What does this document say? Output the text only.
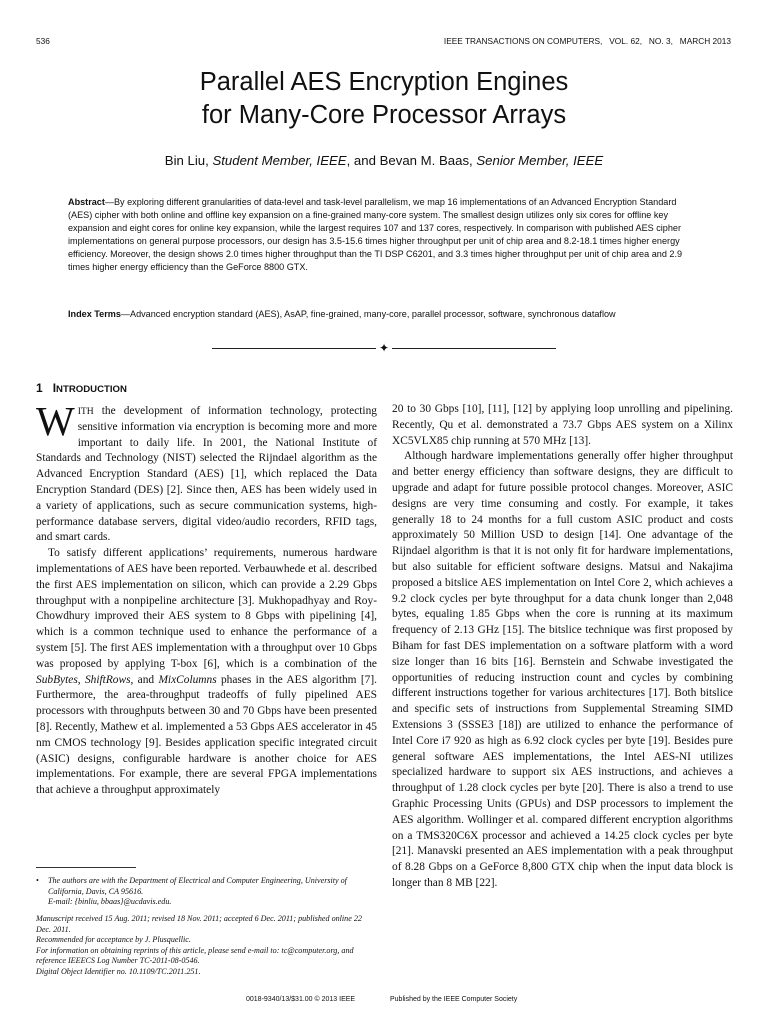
536	IEEE TRANSACTIONS ON COMPUTERS,   VOL. 62,   NO. 3,   MARCH 2013
Parallel AES Encryption Engines
for Many-Core Processor Arrays
Bin Liu, Student Member, IEEE, and Bevan M. Baas, Senior Member, IEEE
Abstract—By exploring different granularities of data-level and task-level parallelism, we map 16 implementations of an Advanced Encryption Standard (AES) cipher with both online and offline key expansion on a fine-grained many-core system. The smallest design utilizes only six cores for offline key expansion and eight cores for online key expansion, while the largest requires 107 and 137 cores, respectively. In comparison with published AES cipher implementations on general purpose processors, our design has 3.5-15.6 times higher throughput per unit of chip area and 8.2-18.1 times higher energy efficiency. Moreover, the design shows 2.0 times higher throughput than the TI DSP C6201, and 3.3 times higher throughput per unit of chip area and 2.9 times higher energy efficiency than the GeForce 8800 GTX.
Index Terms—Advanced encryption standard (AES), AsAP, fine-grained, many-core, parallel processor, software, synchronous dataflow
✦
1 INTRODUCTION

WITH the development of information technology, protecting sensitive information via encryption is becoming more and more important to daily life. In 2001, the National Institute of Standards and Technology (NIST) selected the Rijndael algorithm as the Advanced Encryption Standard (AES) [1], which replaced the Data Encryption Standard (DES) [2]. Since then, AES has been widely used in a variety of applications, such as secure communication systems, high-performance database servers, digital video/audio recorders, RFID tags, and smart cards.

To satisfy different applications’ requirements, numerous hardware implementations of AES have been reported. Verbauwhede et al. described the first AES implementation on silicon, which can provide a 2.29 Gbps throughput with a nonpipeline architecture [3]. Mukhopadhyay and Roy-Chowdhury improved their AES system to 8 Gbps with pipelining [4], which is a common technique used to enhance the performance of a system [5]. The first AES implementation with a throughput over 10 Gbps was proposed by applying T-box [6], which is a combination of the SubBytes, ShiftRows, and MixColumns phases in the AES algorithm [7]. Furthermore, the area-throughput tradeoffs of fully pipelined AES processors with throughputs between 30 and 70 Gbps have been presented [8]. Recently, Mathew et al. implemented a 53 Gbps AES accelerator in 45 nm CMOS technology [9]. Besides application specific integrated circuit (ASIC) designs, configurable hardware is another choice for AES implementations. For example, there are several FPGA implementations that achieve a throughput approximately

20 to 30 Gbps [10], [11], [12] by applying loop unrolling and pipelining. Recently, Qu et al. demonstrated a 73.7 Gbps AES system on a Xilinx XC5VLX85 chip running at 570 MHz [13].

Although hardware implementations generally offer higher throughput and better energy efficiency than software designs, they are difficult to upgrade and adapt for future possible protocol changes. Moreover, ASIC designs are very time consuming and costly. For example, it takes generally 18 to 24 months for a full custom ASIC product and costs approximately 50 Million USD to design [14]. One advantage of the Rijndael algorithm is that it is not only fit for hardware implementations, but also suitable for efficient software designs. Matsui and Nakajima proposed a bitslice AES implementation on Intel Core 2, which achieves a 9.2 clock cycles per byte throughput for a data chunk longer than 2,048 bytes, equaling 1.85 Gbps when the core is running at its maximum frequency of 2.13 GHz [15]. The bitslice technique was first proposed by Biham for fast DES implementation on a software platform with a word size longer than 16 bits [16]. Bernstein and Schwabe investigated the opportunities of reducing instruction count and cycles by combining different instructions together for various architectures [17]. Both bitslice and specific sets of instructions from Supplemental Streaming SIMD Extensions 3 (SSSE3 [18]) are utilized to enhance the performance of Intel Core i7 920 as high as 6.92 clock cycles per byte [19]. Besides pure general software AES implementations, the Intel AES-NI utilizes specialized hardware to support six AES instructions, and achieves a throughput of 1.28 clock cycles per byte [20]. There is also a trend to use Graphic Processing Units (GPUs) and DSP processors to implement the AES algorithm. Wollinger et al. compared different encryption algorithms on a TMS320C6X processor and achieved a 14.25 clock cycles per byte [21]. Manavski presented an AES implementation with a peak throughput of 8.28 Gbps on a GeForce 8,800 GTX chip when the input data block is longer than 8 MB [22].

• The authors are with the Department of Electrical and Computer Engineering, University of California, Davis, CA 95616.
E-mail: {binliu, bbaas}@ucdavis.edu.
Manuscript received 15 Aug. 2011; revised 18 Nov. 2011; accepted 6 Dec. 2011; published online 22 Dec. 2011.
Recommended for acceptance by J. Plusquellic.
For information on obtaining reprints of this article, please send e-mail to: tc@computer.org, and reference IEEECS Log Number TC-2011-08-0546.
Digital Object Identifier no. 10.1109/TC.2011.251.
0018-9340/13/$31.00 © 2013 IEEE	Published by the IEEE Computer Society
